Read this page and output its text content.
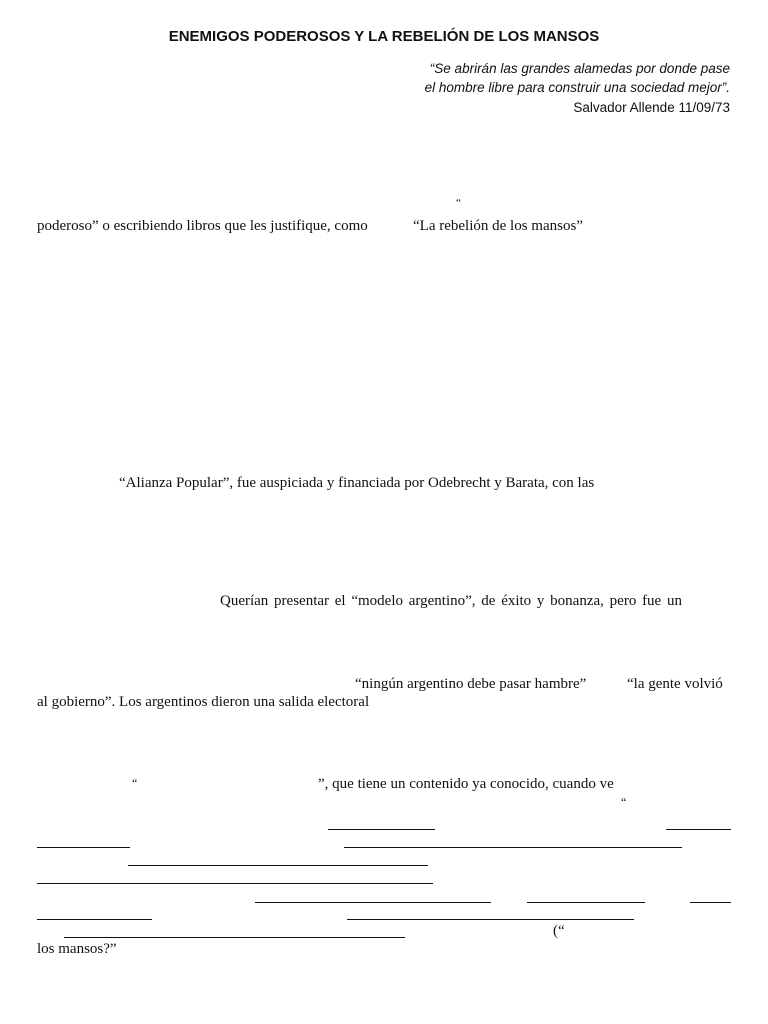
ENEMIGOS PODEROSOS Y LA REBELIÓN DE LOS MANSOS
“Se abrirán las grandes alamedas por donde pase
el hombre libre para construir una sociedad mejor”.
Salvador Allende 11/09/73
“
poderoso” o escribiendo libros que les justifique, como	“La rebelión de los mansos”
“Alianza Popular”, fue auspiciada y financiada por Odebrecht y Barata, con las
Querían presentar el “modelo argentino”, de éxito y bonanza, pero fue un
“ningún argentino debe pasar hambre”	“la gente volvió
al gobierno”. Los argentinos dieron una salida electoral
“	”, que tiene un contenido ya conocido, cuando ve
“
(“
los mansos?”
